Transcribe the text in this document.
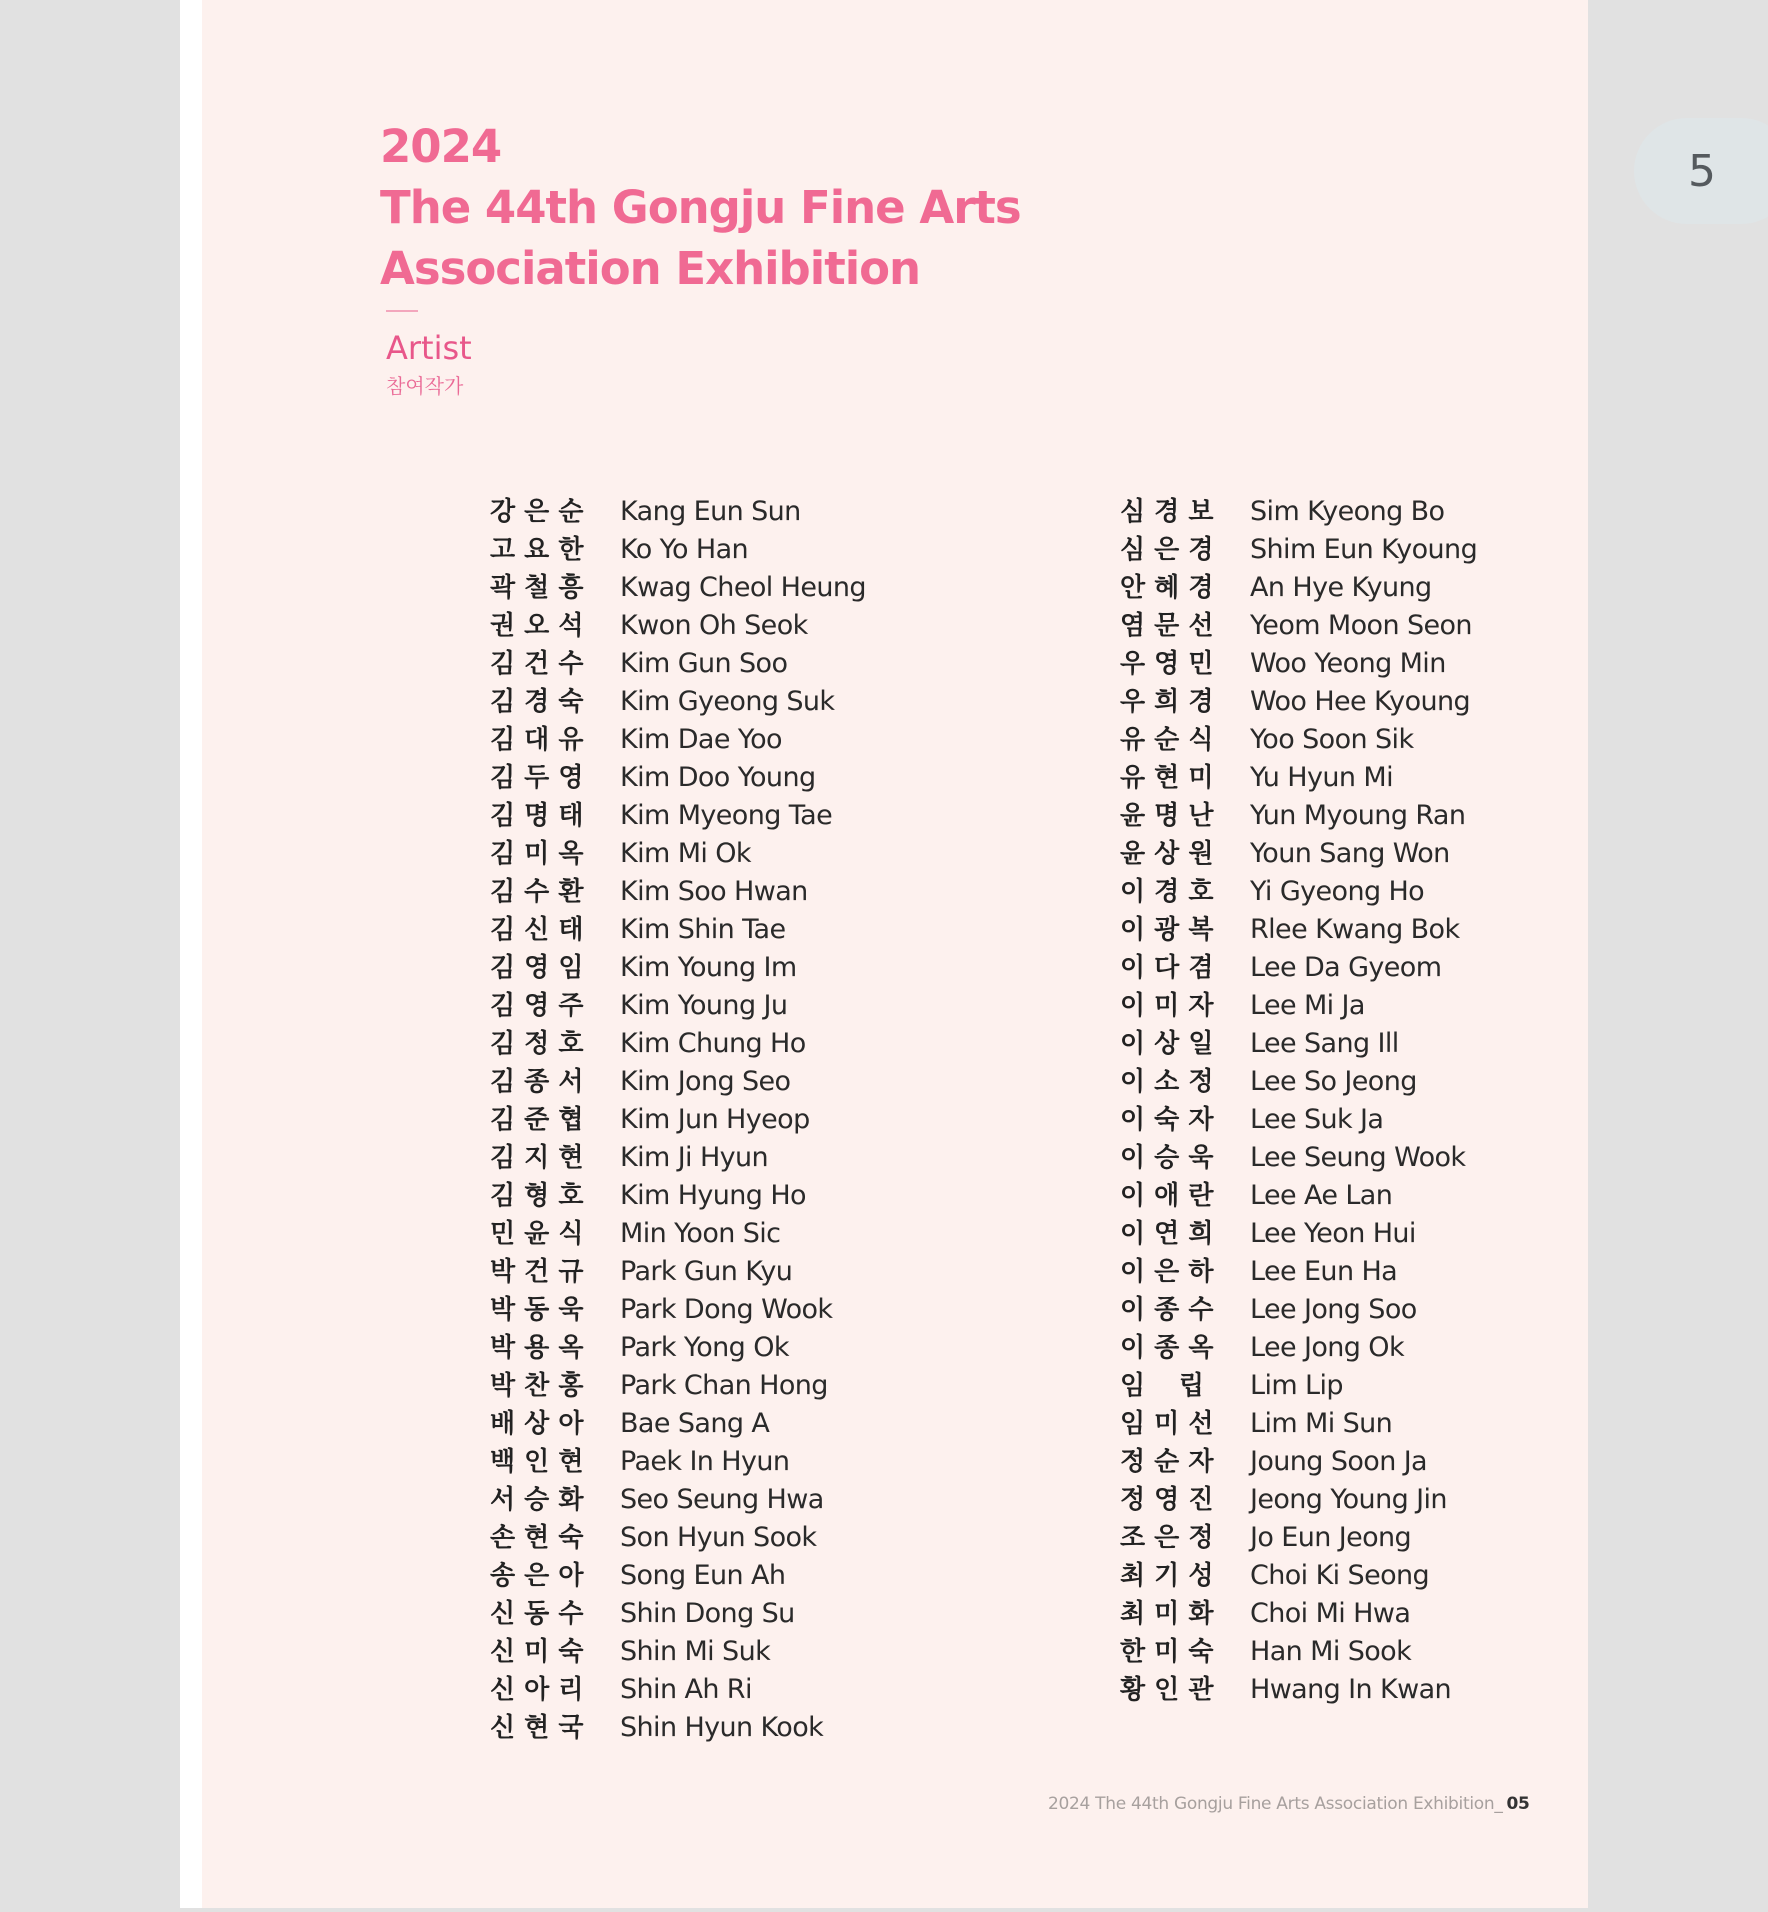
5
2024
The 44th Gongju Fine Arts
Association Exhibition
Artist
참여작가
강 은 순 Kang Eun Sun
고 요 한 Ko Yo Han
곽 철 흥 Kwag Cheol Heung
권 오 석 Kwon Oh Seok
김 건 수 Kim Gun Soo
김 경 숙 Kim Gyeong Suk
김 대 유 Kim Dae Yoo
김 두 영 Kim Doo Young
김 명 태 Kim Myeong Tae
김 미 옥 Kim Mi Ok
김 수 환 Kim Soo Hwan
김 신 태 Kim Shin Tae
김 영 임 Kim Young Im
김 영 주 Kim Young Ju
김 정 호 Kim Chung Ho
김 종 서 Kim Jong Seo
김 준 협 Kim Jun Hyeop
김 지 현 Kim Ji Hyun
김 형 호 Kim Hyung Ho
민 윤 식 Min Yoon Sic
박 건 규 Park Gun Kyu
박 동 욱 Park Dong Wook
박 용 옥 Park Yong Ok
박 찬 홍 Park Chan Hong
배 상 아 Bae Sang A
백 인 현 Paek In Hyun
서 승 화 Seo Seung Hwa
손 현 숙 Son Hyun Sook
송 은 아 Song Eun Ah
신 동 수 Shin Dong Su
신 미 숙 Shin Mi Suk
신 아 리 Shin Ah Ri
신 현 국 Shin Hyun Kook
심 경 보 Sim Kyeong Bo
심 은 경 Shim Eun Kyoung
안 혜 경 An Hye Kyung
염 문 선 Yeom Moon Seon
우 영 민 Woo Yeong Min
우 희 경 Woo Hee Kyoung
유 순 식 Yoo Soon Sik
유 현 미 Yu Hyun Mi
윤 명 난 Yun Myoung Ran
윤 상 원 Youn Sang Won
이 경 호 Yi Gyeong Ho
이 광 복 Rlee Kwang Bok
이 다 겸 Lee Da Gyeom
이 미 자 Lee Mi Ja
이 상 일 Lee Sang Ill
이 소 정 Lee So Jeong
이 숙 자 Lee Suk Ja
이 승 욱 Lee Seung Wook
이 애 란 Lee Ae Lan
이 연 희 Lee Yeon Hui
이 은 하 Lee Eun Ha
이 종 수 Lee Jong Soo
이 종 옥 Lee Jong Ok
임 립 Lim Lip
임 미 선 Lim Mi Sun
정 순 자 Joung Soon Ja
정 영 진 Jeong Young Jin
조 은 정 Jo Eun Jeong
최 기 성 Choi Ki Seong
최 미 화 Choi Mi Hwa
한 미 숙 Han Mi Sook
황 인 관 Hwang In Kwan
2024 The 44th Gongju Fine Arts Association Exhibition_ 05
